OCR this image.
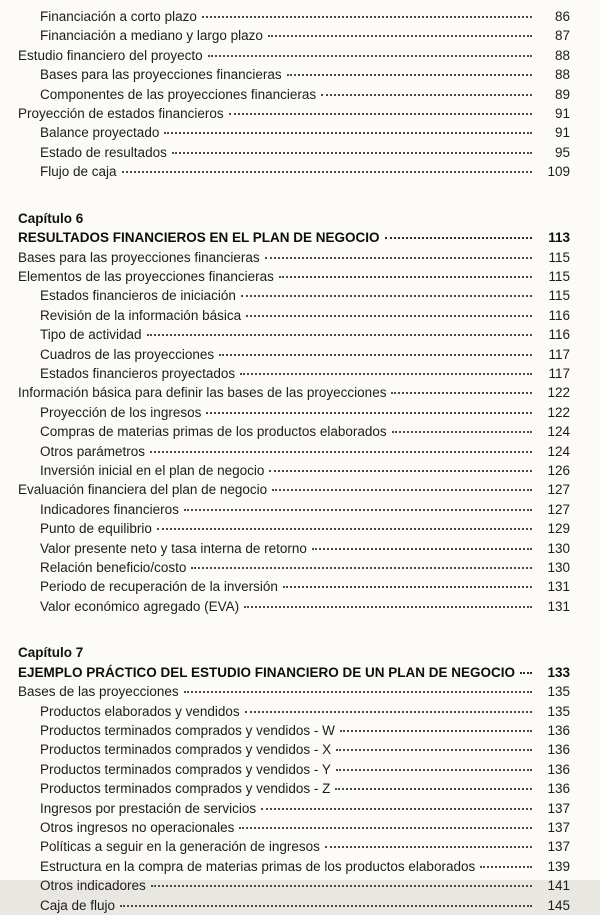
Financiación a corto plazo	86
Financiación a mediano y largo plazo	87
Estudio financiero del proyecto	88
Bases para las proyecciones financieras	88
Componentes de las proyecciones financieras	89
Proyección de estados financieros	91
Balance proyectado	91
Estado de resultados	95
Flujo de caja	109
Capítulo 6
RESULTADOS FINANCIEROS EN EL PLAN DE NEGOCIO	113
Bases para las proyecciones financieras	115
Elementos de las proyecciones financieras	115
Estados financieros de iniciación	115
Revisión de la información básica	116
Tipo de actividad	116
Cuadros de las proyecciones	117
Estados financieros proyectados	117
Información básica para definir las bases de las proyecciones	122
Proyección de los ingresos	122
Compras de materias primas de los productos elaborados	124
Otros parámetros	124
Inversión inicial en el plan de negocio	126
Evaluación financiera del plan de negocio	127
Indicadores financieros	127
Punto de equilibrio	129
Valor presente neto y tasa interna de retorno	130
Relación beneficio/costo	130
Periodo de recuperación de la inversión	131
Valor económico agregado (EVA)	131
Capítulo 7
EJEMPLO PRÁCTICO DEL ESTUDIO FINANCIERO DE UN PLAN DE NEGOCIO	133
Bases de las proyecciones	135
Productos elaborados y vendidos	135
Productos terminados comprados y vendidos - W	136
Productos terminados comprados y vendidos - X	136
Productos terminados comprados y vendidos - Y	136
Productos terminados comprados y vendidos - Z	136
Ingresos por prestación de servicios	137
Otros ingresos no operacionales	137
Políticas a seguir en la generación de ingresos	137
Estructura en la compra de materias primas de los productos elaborados	139
Otros indicadores	141
Caja de flujo	145
